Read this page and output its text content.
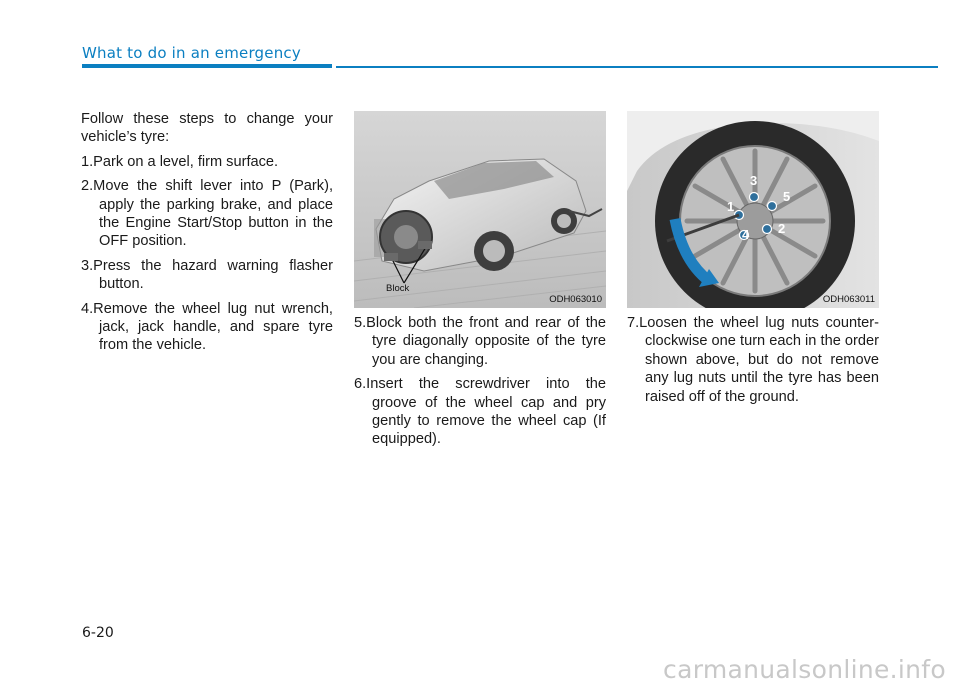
What to do in an emergency

Follow these steps to change your vehicle’s tyre:

1.Park on a level, firm surface.

2.Move the shift lever into P (Park), apply the parking brake, and place the Engine Start/Stop button in the OFF position.

3.Press the hazard warning flasher button.

4.Remove the wheel lug nut wrench, jack, jack handle, and spare tyre from the vehicle.

Block
ODH063010

5.Block both the front and rear of the tyre diagonally opposite of the tyre you are changing.

6.Insert the screwdriver into the groove of the wheel cap and pry gently to remove the wheel cap (If equipped).

1
2
3
4
5
ODH063011

7.Loosen the wheel lug nuts counter-clockwise one turn each in the order shown above, but do not remove any lug nuts until the tyre has been raised off of the ground.

6-20
carmanualsonline.info
